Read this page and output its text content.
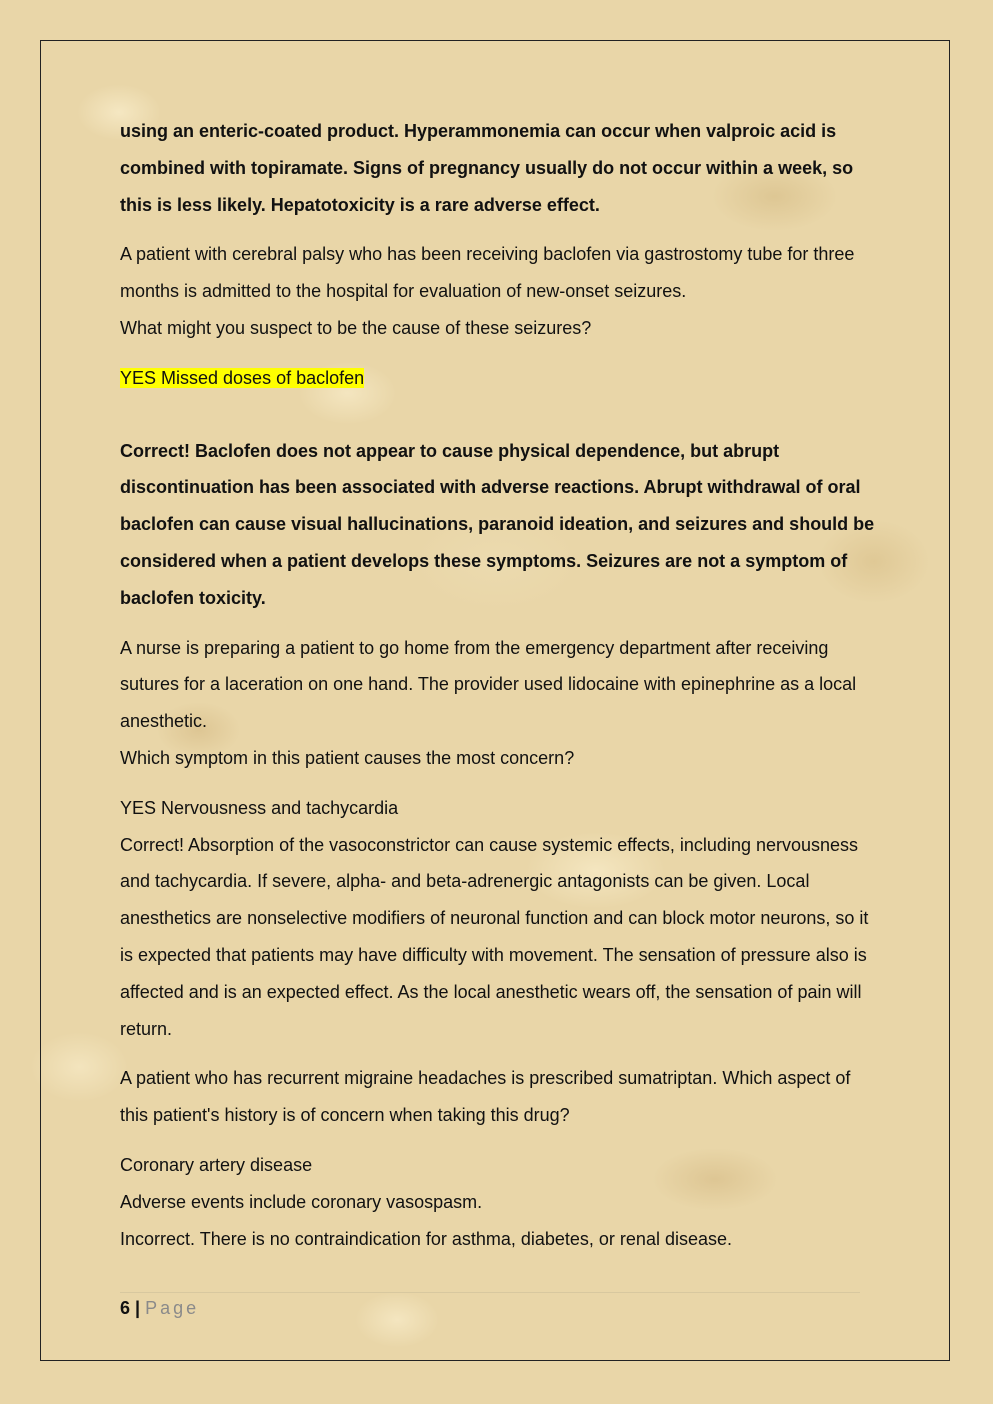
using an enteric-coated product. Hyperammonemia can occur when valproic acid is combined with topiramate. Signs of pregnancy usually do not occur within a week, so this is less likely. Hepatotoxicity is a rare adverse effect.

A patient with cerebral palsy who has been receiving baclofen via gastrostomy tube for three months is admitted to the hospital for evaluation of new-onset seizures.

What might you suspect to be the cause of these seizures?

YES Missed doses of baclofen

Correct! Baclofen does not appear to cause physical dependence, but abrupt discontinuation has been associated with adverse reactions. Abrupt withdrawal of oral baclofen can cause visual hallucinations, paranoid ideation, and seizures and should be considered when a patient develops these symptoms. Seizures are not a symptom of baclofen toxicity.

A nurse is preparing a patient to go home from the emergency department after receiving sutures for a laceration on one hand. The provider used lidocaine with epinephrine as a local anesthetic.

Which symptom in this patient causes the most concern?

YES Nervousness and tachycardia

Correct! Absorption of the vasoconstrictor can cause systemic effects, including nervousness and tachycardia. If severe, alpha- and beta-adrenergic antagonists can be given. Local anesthetics are nonselective modifiers of neuronal function and can block motor neurons, so it is expected that patients may have difficulty with movement. The sensation of pressure also is affected and is an expected effect. As the local anesthetic wears off, the sensation of pain will return.

A patient who has recurrent migraine headaches is prescribed sumatriptan. Which aspect of this patient's history is of concern when taking this drug?

Coronary artery disease

Adverse events include coronary vasospasm.

Incorrect. There is no contraindication for asthma, diabetes, or renal disease.

6 | Page
